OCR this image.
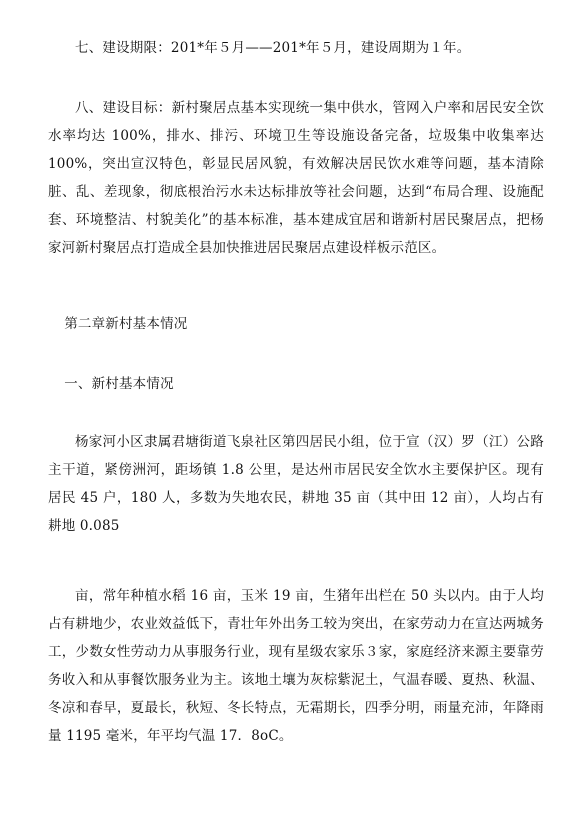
七、建设期限：201*年５月——201*年５月，建设周期为１年。

八、建设目标：新村聚居点基本实现统一集中供水，管网入户率和居民安全饮水率均达 100%，排水、排污、环境卫生等设施设备完备，垃圾集中收集率达 100%，突出宣汉特色，彰显民居风貌，有效解决居民饮水难等问题，基本清除脏、乱、差现象，彻底根治污水未达标排放等社会问题，达到“布局合理、设施配套、环境整洁、村貌美化”的基本标准，基本建成宜居和谐新村居民聚居点，把杨家河新村聚居点打造成全县加快推进居民聚居点建设样板示范区。

第二章新村基本情况

一、新村基本情况

杨家河小区隶属君塘街道飞泉社区第四居民小组，位于宣（汉）罗（江）公路主干道，紧傍洲河，距场镇 1.8 公里，是达州市居民安全饮水主要保护区。现有居民 45 户，180 人，多数为失地农民，耕地 35 亩（其中田 12 亩），人均占有耕地 0.085

亩，常年种植水稻 16 亩，玉米 19 亩，生猪年出栏在 50 头以内。由于人均占有耕地少，农业效益低下，青壮年外出务工较为突出，在家劳动力在宣达两城务工，少数女性劳动力从事服务行业，现有星级农家乐３家，家庭经济来源主要靠劳务收入和从事餐饮服务业为主。该地土壤为灰棕紫泥土，气温春暖、夏热、秋温、冬凉和春早，夏最长，秋短、冬长特点，无霜期长，四季分明，雨量充沛，年降雨量 1195 毫米，年平均气温 17．8oC。
